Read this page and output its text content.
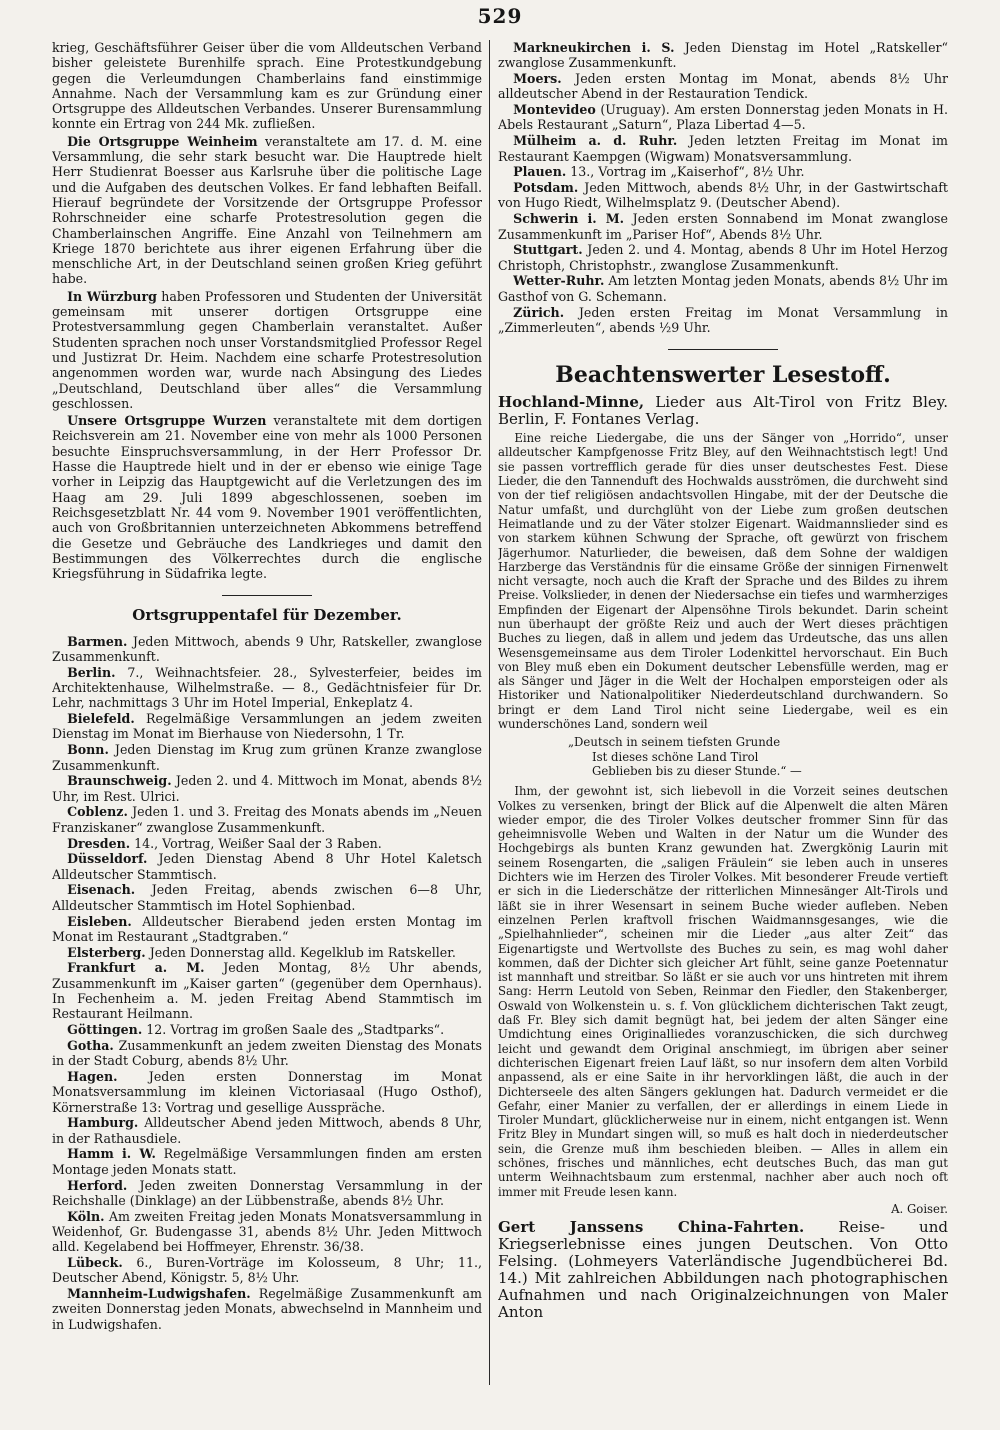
529

krieg, Geschäftsführer Geiser über die vom Alldeutschen Verband bisher geleistete Burenhilfe sprach. Eine Protestkundgebung gegen die Verleumdungen Chamberlains fand einstimmige Annahme. Nach der Versammlung kam es zur Gründung einer Ortsgruppe des Alldeutschen Verbandes. Unserer Burensammlung konnte ein Ertrag von 244 Mk. zufließen.

Die Ortsgruppe Weinheim veranstaltete am 17. d. M. eine Versammlung, die sehr stark besucht war. Die Hauptrede hielt Herr Studienrat Boesser aus Karlsruhe über die politische Lage und die Aufgaben des deutschen Volkes. Er fand lebhaften Beifall. Hierauf begründete der Vorsitzende der Ortsgruppe Professor Rohrschneider eine scharfe Protestresolution gegen die Chamberlainschen Angriffe. Eine Anzahl von Teilnehmern am Kriege 1870 berichtete aus ihrer eigenen Erfahrung über die menschliche Art, in der Deutschland seinen großen Krieg geführt habe.

In Würzburg haben Professoren und Studenten der Universität gemeinsam mit unserer dortigen Ortsgruppe eine Protestversammlung gegen Chamberlain veranstaltet. Außer Studenten sprachen noch unser Vorstandsmitglied Professor Regel und Justizrat Dr. Heim. Nachdem eine scharfe Protestresolution angenommen worden war, wurde nach Absingung des Liedes „Deutschland, Deutschland über alles“ die Versammlung geschlossen.

Unsere Ortsgruppe Wurzen veranstaltete mit dem dortigen Reichsverein am 21. November eine von mehr als 1000 Personen besuchte Einspruchsversammlung, in der Herr Professor Dr. Hasse die Hauptrede hielt und in der er ebenso wie einige Tage vorher in Leipzig das Hauptgewicht auf die Verletzungen des im Haag am 29. Juli 1899 abgeschlossenen, soeben im Reichsgesetzblatt Nr. 44 vom 9. November 1901 veröffentlichten, auch von Großbritannien unterzeichneten Abkommens betreffend die Gesetze und Gebräuche des Landkrieges und damit den Bestimmungen des Völkerrechtes durch die englische Kriegsführung in Südafrika legte.

Ortsgruppentafel für Dezember.

Barmen. Jeden Mittwoch, abends 9 Uhr, Ratskeller, zwanglose Zusammenkunft.

Berlin. 7., Weihnachtsfeier. 28., Sylvesterfeier, beides im Architektenhause, Wilhelmstraße. — 8., Gedächtnisfeier für Dr. Lehr, nachmittags 3 Uhr im Hotel Imperial, Enkeplatz 4.

Bielefeld. Regelmäßige Versammlungen an jedem zweiten Dienstag im Monat im Bierhause von Niedersohn, 1 Tr.

Bonn. Jeden Dienstag im Krug zum grünen Kranze zwanglose Zusammenkunft.

Braunschweig. Jeden 2. und 4. Mittwoch im Monat, abends 8½ Uhr, im Rest. Ulrici.

Coblenz. Jeden 1. und 3. Freitag des Monats abends im „Neuen Franziskaner“ zwanglose Zusammenkunft.

Dresden. 14., Vortrag, Weißer Saal der 3 Raben.

Düsseldorf. Jeden Dienstag Abend 8 Uhr Hotel Kaletsch Alldeutscher Stammtisch.

Eisenach. Jeden Freitag, abends zwischen 6—8 Uhr, Alldeutscher Stammtisch im Hotel Sophienbad.

Eisleben. Alldeutscher Bierabend jeden ersten Montag im Monat im Restaurant „Stadtgraben.“

Elsterberg. Jeden Donnerstag alld. Kegelklub im Ratskeller.

Frankfurt a. M. Jeden Montag, 8½ Uhr abends, Zusammenkunft im „Kaiser garten“ (gegenüber dem Opernhaus). In Fechenheim a. M. jeden Freitag Abend Stammtisch im Restaurant Heilmann.

Göttingen. 12. Vortrag im großen Saale des „Stadtparks“.

Gotha. Zusammenkunft an jedem zweiten Dienstag des Monats in der Stadt Coburg, abends 8½ Uhr.

Hagen. Jeden ersten Donnerstag im Monat Monatsversammlung im kleinen Victoriasaal (Hugo Osthof), Körnerstraße 13: Vortrag und gesellige Ausspräche.

Hamburg. Alldeutscher Abend jeden Mittwoch, abends 8 Uhr, in der Rathausdiele.

Hamm i. W. Regelmäßige Versammlungen finden am ersten Montage jeden Monats statt.

Herford. Jeden zweiten Donnerstag Versammlung in der Reichshalle (Dinklage) an der Lübbenstraße, abends 8½ Uhr.

Köln. Am zweiten Freitag jeden Monats Monatsversammlung in Weidenhof, Gr. Budengasse 31, abends 8½ Uhr. Jeden Mittwoch alld. Kegelabend bei Hoffmeyer, Ehrenstr. 36/38.

Lübeck. 6., Buren-Vorträge im Kolosseum, 8 Uhr; 11., Deutscher Abend, Königstr. 5, 8½ Uhr.

Mannheim-Ludwigshafen. Regelmäßige Zusammenkunft am zweiten Donnerstag jeden Monats, abwechselnd in Mannheim und in Ludwigshafen.

Markneukirchen i. S. Jeden Dienstag im Hotel „Ratskeller“ zwanglose Zusammenkunft.

Moers. Jeden ersten Montag im Monat, abends 8½ Uhr alldeutscher Abend in der Restauration Tendick.

Montevideo (Uruguay). Am ersten Donnerstag jeden Monats in H. Abels Restaurant „Saturn“, Plaza Libertad 4—5.

Mülheim a. d. Ruhr. Jeden letzten Freitag im Monat im Restaurant Kaempgen (Wigwam) Monatsversammlung.

Plauen. 13., Vortrag im „Kaiserhof“, 8½ Uhr.

Potsdam. Jeden Mittwoch, abends 8½ Uhr, in der Gastwirtschaft von Hugo Riedt, Wilhelmsplatz 9. (Deutscher Abend).

Schwerin i. M. Jeden ersten Sonnabend im Monat zwanglose Zusammenkunft im „Pariser Hof“, Abends 8½ Uhr.

Stuttgart. Jeden 2. und 4. Montag, abends 8 Uhr im Hotel Herzog Christoph, Christophstr., zwanglose Zusammenkunft.

Wetter-Ruhr. Am letzten Montag jeden Monats, abends 8½ Uhr im Gasthof von G. Schemann.

Zürich. Jeden ersten Freitag im Monat Versammlung in „Zimmerleuten“, abends ½9 Uhr.

Beachtenswerter Lesestoff.
Hochland-Minne, Lieder aus Alt-Tirol von Fritz Bley. Berlin, F. Fontanes Verlag.

Eine reiche Liedergabe, die uns der Sänger von „Horrido“, unser alldeutscher Kampfgenosse Fritz Bley, auf den Weihnachtstisch legt! Und sie passen vortrefflich gerade für dies unser deutschestes Fest. Diese Lieder, die den Tannenduft des Hochwalds ausströmen, die durchweht sind von der tief religiösen andachtsvollen Hingabe, mit der der Deutsche die Natur umfaßt, und durchglüht von der Liebe zum großen deutschen Heimatlande und zu der Väter stolzer Eigenart. Waidmannslieder sind es von starkem kühnen Schwung der Sprache, oft gewürzt von frischem Jägerhumor. Naturlieder, die beweisen, daß dem Sohne der waldigen Harzberge das Verständnis für die einsame Größe der sinnigen Firnenwelt nicht versagte, noch auch die Kraft der Sprache und des Bildes zu ihrem Preise. Volkslieder, in denen der Niedersachse ein tiefes und warmherziges Empfinden der Eigenart der Alpensöhne Tirols bekundet. Darin scheint nun überhaupt der größte Reiz und auch der Wert dieses prächtigen Buches zu liegen, daß in allem und jedem das Urdeutsche, das uns allen Wesensgemeinsame aus dem Tiroler Lodenkittel hervorschaut. Ein Buch von Bley muß eben ein Dokument deutscher Lebensfülle werden, mag er als Sänger und Jäger in die Welt der Hochalpen emporsteigen oder als Historiker und Nationalpolitiker Niederdeutschland durchwandern. So bringt er dem Land Tirol nicht seine Liedergabe, weil es ein wunderschönes Land, sondern weil

„Deutsch in seinem tiefsten Grunde
Ist dieses schöne Land Tirol
Geblieben bis zu dieser Stunde.“ —

Ihm, der gewohnt ist, sich liebevoll in die Vorzeit seines deutschen Volkes zu versenken, bringt der Blick auf die Alpenwelt die alten Mären wieder empor, die des Tiroler Volkes deutscher frommer Sinn für das geheimnisvolle Weben und Walten in der Natur um die Wunder des Hochgebirgs als bunten Kranz gewunden hat. Zwergkönig Laurin mit seinem Rosengarten, die „saligen Fräulein“ sie leben auch in unseres Dichters wie im Herzen des Tiroler Volkes. Mit besonderer Freude vertieft er sich in die Liederschätze der ritterlichen Minnesänger Alt-Tirols und läßt sie in ihrer Wesensart in seinem Buche wieder aufleben. Neben einzelnen Perlen kraftvoll frischen Waidmannsgesanges, wie die „Spielhahnlieder“, scheinen mir die Lieder „aus alter Zeit“ das Eigenartigste und Wertvollste des Buches zu sein, es mag wohl daher kommen, daß der Dichter sich gleicher Art fühlt, seine ganze Poetennatur ist mannhaft und streitbar. So läßt er sie auch vor uns hintreten mit ihrem Sang: Herrn Leutold von Seben, Reinmar den Fiedler, den Stakenberger, Oswald von Wolkenstein u. s. f. Von glücklichem dichterischen Takt zeugt, daß Fr. Bley sich damit begnügt hat, bei jedem der alten Sänger eine Umdichtung eines Originalliedes voranzuschicken, die sich durchweg leicht und gewandt dem Original anschmiegt, im übrigen aber seiner dichterischen Eigenart freien Lauf läßt, so nur insofern dem alten Vorbild anpassend, als er eine Saite in ihr hervorklingen läßt, die auch in der Dichterseele des alten Sängers geklungen hat. Dadurch vermeidet er die Gefahr, einer Manier zu verfallen, der er allerdings in einem Liede in Tiroler Mundart, glücklicherweise nur in einem, nicht entgangen ist. Wenn Fritz Bley in Mundart singen will, so muß es halt doch in niederdeutscher sein, die Grenze muß ihm beschieden bleiben. — Alles in allem ein schönes, frisches und männliches, echt deutsches Buch, das man gut unterm Weihnachtsbaum zum erstenmal, nachher aber auch noch oft immer mit Freude lesen kann.

A. Goiser.
Gert Janssens China-Fahrten. Reise- und Kriegserlebnisse eines jungen Deutschen. Von Otto Felsing. (Lohmeyers Vaterländische Jugendbücherei Bd. 14.) Mit zahlreichen Abbildungen nach photographischen Aufnahmen und nach Originalzeichnungen von Maler Anton
